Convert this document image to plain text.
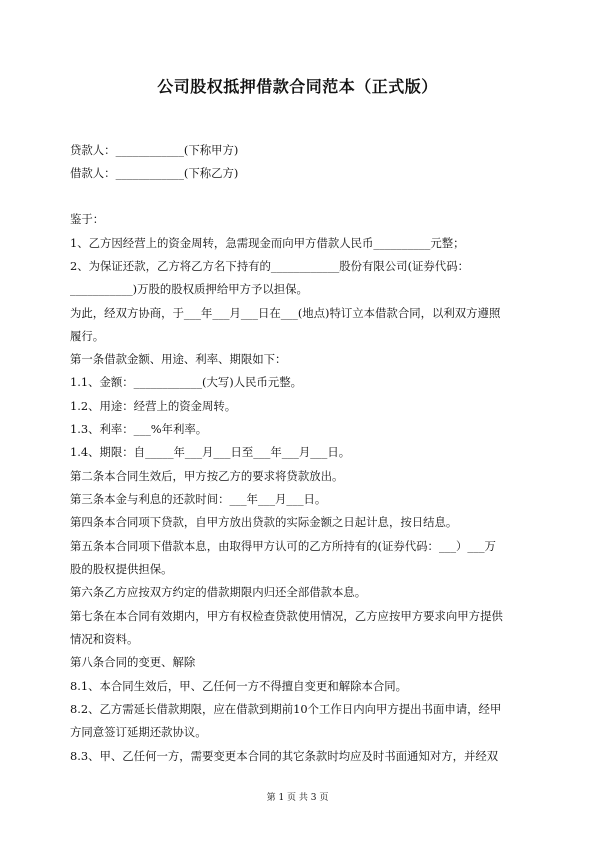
公司股权抵押借款合同范本（正式版）
贷款人：____________(下称甲方)
借款人：____________(下称乙方)
鉴于：
1、乙方因经营上的资金周转，急需现金而向甲方借款人民币__________元整；
2、为保证还款，乙方将乙方名下持有的____________股份有限公司(证券代码：
___________)万股的股权质押给甲方予以担保。
为此，经双方协商，于___年___月___日在___(地点)特订立本借款合同，以利双方遵照
履行。
第一条借款金额、用途、利率、期限如下：
1.1、金额：____________(大写)人民币元整。
1.2、用途：经营上的资金周转。
1.3、利率：___%年利率。
1.4、期限：自_____年___月___日至___年___月___日。
第二条本合同生效后，甲方按乙方的要求将贷款放出。
第三条本金与利息的还款时间：___年___月___日。
第四条本合同项下贷款，自甲方放出贷款的实际金额之日起计息，按日结息。
第五条本合同项下借款本息，由取得甲方认可的乙方所持有的(证券代码：___）___万
股的股权提供担保。
第六条乙方应按双方约定的借款期限内归还全部借款本息。
第七条在本合同有效期内，甲方有权检查贷款使用情况，乙方应按甲方要求向甲方提供
情况和资料。
第八条合同的变更、解除
8.1、本合同生效后，甲、乙任何一方不得擅自变更和解除本合同。
8.2、乙方需延长借款期限，应在借款到期前10个工作日内向甲方提出书面申请，经甲
方同意签订延期还款协议。
8.3、甲、乙任何一方，需要变更本合同的其它条款时均应及时书面通知对方，并经双
第 1 页 共 3 页
